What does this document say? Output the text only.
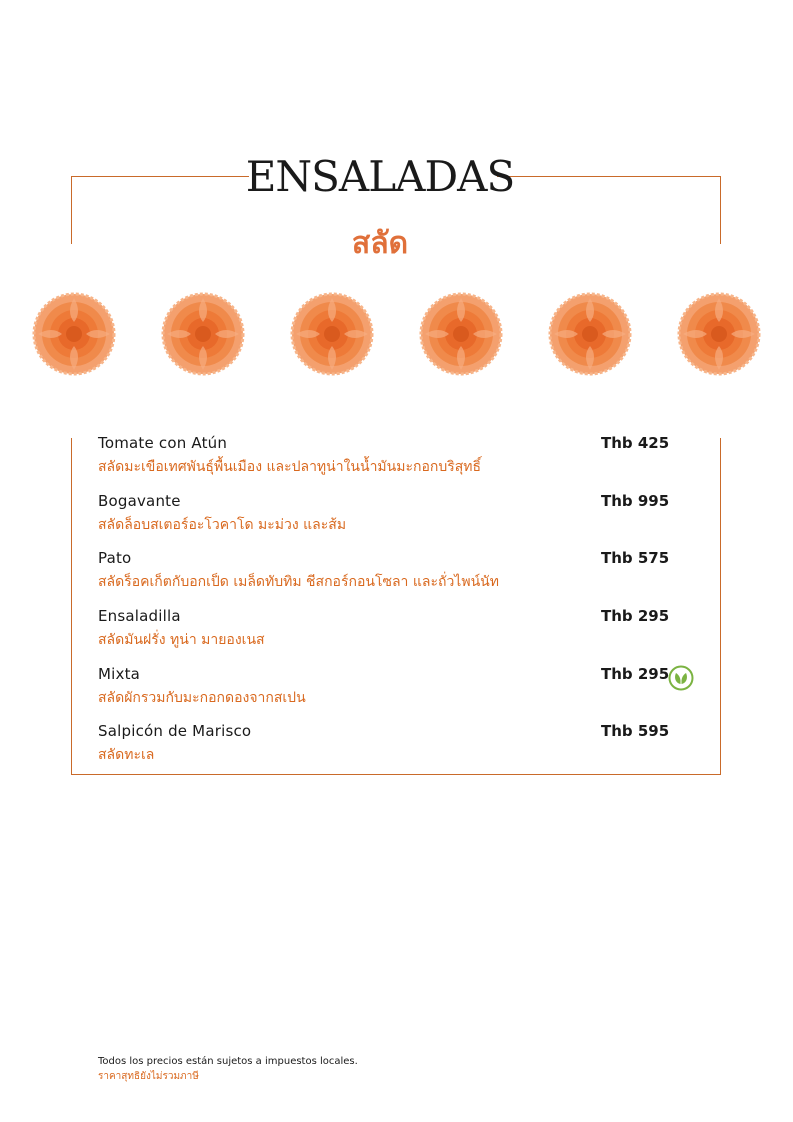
ENSALADAS
สลัด
Tomate con Atún
สลัดมะเขือเทศพันธุ์พื้นเมือง และปลาทูน่าในน้ำมันมะกอกบริสุทธิ์
Thb 425
Bogavante
สลัดล็อบสเตอร์อะโวคาโด มะม่วง และส้ม
Thb 995
Pato
สลัดร็อคเก็ตกับอกเป็ด เมล็ดทับทิม ชีสกอร์กอนโซลา และถั่วไพน์นัท
Thb 575
Ensaladilla
สลัดมันฝรั่ง ทูน่า มายองเนส
Thb 295
Mixta
สลัดผักรวมกับมะกอกดองจากสเปน
Thb 295
Salpicón de Marisco
สลัดทะเล
Thb 595
Todos los precios están sujetos a impuestos locales.
ราคาสุทธิยังไม่รวมภาษี
